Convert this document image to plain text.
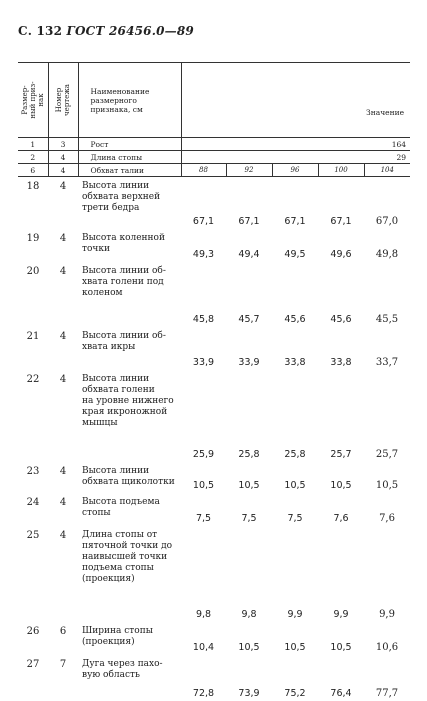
С. 132 ГОСТ 26456.0—89
Размер-
ный приз-
нак	Номер
чертежа	Наименование
размерного
признака, см	Значение				
1	3	Рост	164				
2	4	Длина стопы	29				
6	4	Обхват талии	88	92	96	100	104
18	4	Высота линии
обхвата верхней
трети бедра	67,1	67,1	67,1	67,1	67,0
19	4	Высота коленной
точки	49,3	49,4	49,5	49,6	49,8
20	4	Высота линии об-
хвата голени под
коленом	45,8	45,7	45,6	45,6	45,5
21	4	Высота линии об-
хвата икры	33,9	33,9	33,8	33,8	33,7
22	4	Высота линии
обхвата голени
на уровне нижнего
края икроножной
мышцы	25,9	25,8	25,8	25,7	25,7
23	4	Высота линии
обхвата щиколотки	10,5	10,5	10,5	10,5	10,5
24	4	Высота подъема
стопы	7,5	7,5	7,5	7,6	7,6
25	4	Длина стопы от
пяточной точки до
наивысшей точки
подъема стопы
(проекция)	9,8	9,8	9,9	9,9	9,9
26	6	Ширина стопы
(проекция)	10,4	10,5	10,5	10,5	10,6
27	7	Дуга через пахо-
вую область	72,8	73,9	75,2	76,4	77,7
